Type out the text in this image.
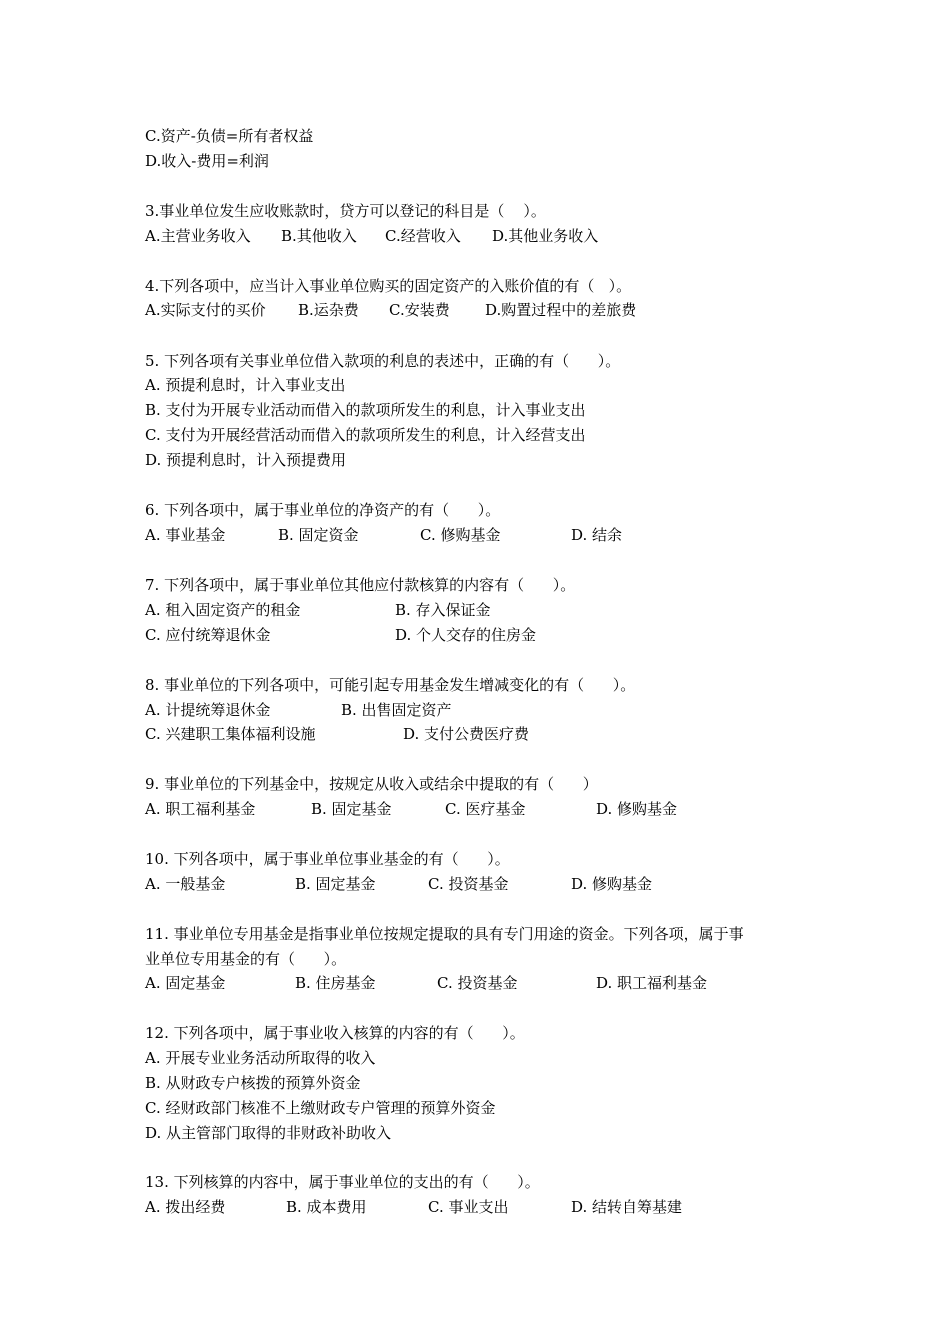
C.资产-负债=所有者权益
D.收入-费用=利润
3.事业单位发生应收账款时，贷方可以登记的科目是（    ）。
A.主营业务收入 B.其他收入 C.经营收入 D.其他业务收入
4.下列各项中，应当计入事业单位购买的固定资产的入账价值的有（   ）。
A.实际支付的买价 B.运杂费 C.安装费 D.购置过程中的差旅费
5. 下列各项有关事业单位借入款项的利息的表述中，正确的有（      ）。
A. 预提利息时，计入事业支出
B. 支付为开展专业活动而借入的款项所发生的利息，计入事业支出
C. 支付为开展经营活动而借入的款项所发生的利息，计入经营支出
D. 预提利息时，计入预提费用
6. 下列各项中，属于事业单位的净资产的有（      ）。
A. 事业基金	B. 固定资金	C. 修购基金	D. 结余
7. 下列各项中，属于事业单位其他应付款核算的内容有（      ）。
A. 租入固定资产的租金	B. 存入保证金
C. 应付统筹退休金	D. 个人交存的住房金
8. 事业单位的下列各项中，可能引起专用基金发生增减变化的有（      ）。
A. 计提统筹退休金	B. 出售固定资产
C. 兴建职工集体福利设施	D. 支付公费医疗费
9. 事业单位的下列基金中，按规定从收入或结余中提取的有（      ）
A. 职工福利基金	B. 固定基金	C. 医疗基金	D. 修购基金
10. 下列各项中，属于事业单位事业基金的有（      ）。
A. 一般基金	B. 固定基金	C. 投资基金	D. 修购基金
11. 事业单位专用基金是指事业单位按规定提取的具有专门用途的资金。下列各项，属于事
业单位专用基金的有（      ）。
A. 固定基金	B. 住房基金	C. 投资基金	D. 职工福利基金
12. 下列各项中，属于事业收入核算的内容的有（      ）。
A. 开展专业业务活动所取得的收入
B. 从财政专户核拨的预算外资金
C. 经财政部门核准不上缴财政专户管理的预算外资金
D. 从主管部门取得的非财政补助收入
13. 下列核算的内容中，属于事业单位的支出的有（      ）。
A. 拨出经费	B. 成本费用	C. 事业支出	D. 结转自筹基建
